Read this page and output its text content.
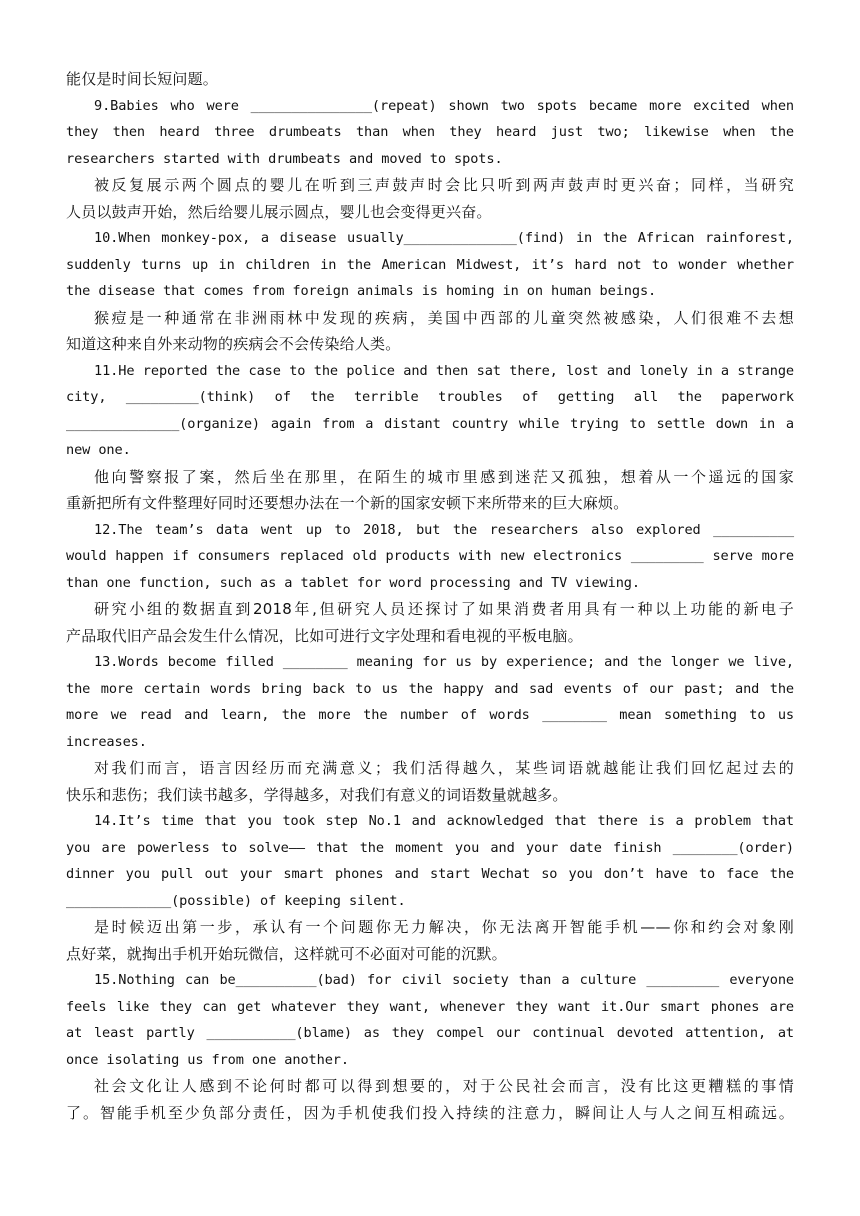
能仅是时间长短问题。
9.Babies who were _______________(repeat) shown two spots became more excited when
they then heard three drumbeats than when they heard just two; likewise when the
researchers started with drumbeats and moved to spots.
被反复展示两个圆点的婴儿在听到三声鼓声时会比只听到两声鼓声时更兴奋；同样，当研究
人员以鼓声开始，然后给婴儿展示圆点，婴儿也会变得更兴奋。
10.When monkey-pox, a disease usually______________(find) in the African rainforest,
suddenly turns up in children in the American Midwest, it’s hard not to wonder whether
the disease that comes from foreign animals is homing in on human beings.
猴痘是一种通常在非洲雨林中发现的疾病，美国中西部的儿童突然被感染，人们很难不去想
知道这种来自外来动物的疾病会不会传染给人类。
11.He reported the case to the police and then sat there, lost and lonely in a strange
city, _________(think) of the terrible troubles of getting all the paperwork
______________(organize) again from a distant country while trying to settle down in a
new one.
他向警察报了案，然后坐在那里，在陌生的城市里感到迷茫又孤独，想着从一个遥远的国家
重新把所有文件整理好同时还要想办法在一个新的国家安顿下来所带来的巨大麻烦。
12.The team’s data went up to 2018, but the researchers also explored __________
would happen if consumers replaced old products with new electronics _________ serve more
than one function, such as a tablet for word processing and TV viewing.
研究小组的数据直到2018年,但研究人员还探讨了如果消费者用具有一种以上功能的新电子
产品取代旧产品会发生什么情况，比如可进行文字处理和看电视的平板电脑。
13.Words become filled ________ meaning for us by experience; and the longer we live,
the more certain words bring back to us the happy and sad events of our past; and the
more we read and learn, the more the number of words ________ mean something to us
increases.
对我们而言，语言因经历而充满意义；我们活得越久，某些词语就越能让我们回忆起过去的
快乐和悲伤；我们读书越多，学得越多，对我们有意义的词语数量就越多。
14.It’s time that you took step No.1 and acknowledged that there is a problem that
you are powerless to solve—— that the moment you and your date finish ________(order)
dinner you pull out your smart phones and start Wechat so you don’t have to face the
_____________(possible) of keeping silent.
是时候迈出第一步，承认有一个问题你无力解决，你无法离开智能手机——你和约会对象刚
点好菜，就掏出手机开始玩微信，这样就可不必面对可能的沉默。
15.Nothing can be__________(bad) for civil society than a culture _________ everyone
feels like they can get whatever they want, whenever they want it.Our smart phones are
at least partly ___________(blame) as they compel our continual devoted attention, at
once isolating us from one another.
社会文化让人感到不论何时都可以得到想要的，对于公民社会而言，没有比这更糟糕的事情
了。智能手机至少负部分责任，因为手机使我们投入持续的注意力，瞬间让人与人之间互相疏远。
